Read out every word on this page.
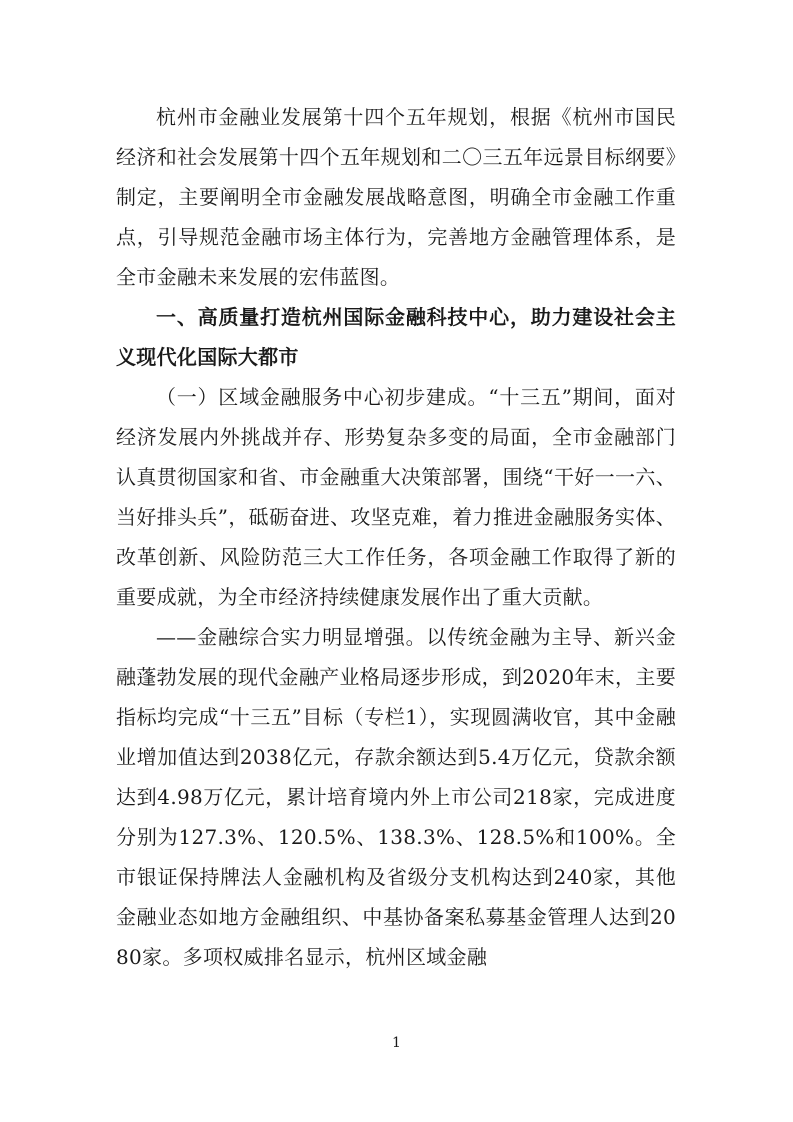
杭州市金融业发展第十四个五年规划，根据《杭州市国民经济和社会发展第十四个五年规划和二〇三五年远景目标纲要》制定，主要阐明全市金融发展战略意图，明确全市金融工作重点，引导规范金融市场主体行为，完善地方金融管理体系，是全市金融未来发展的宏伟蓝图。

一、高质量打造杭州国际金融科技中心，助力建设社会主义现代化国际大都市

（一）区域金融服务中心初步建成。“十三五”期间，面对经济发展内外挑战并存、形势复杂多变的局面，全市金融部门认真贯彻国家和省、市金融重大决策部署，围绕“干好一一六、当好排头兵”，砥砺奋进、攻坚克难，着力推进金融服务实体、改革创新、风险防范三大工作任务，各项金融工作取得了新的重要成就，为全市经济持续健康发展作出了重大贡献。

——金融综合实力明显增强。以传统金融为主导、新兴金融蓬勃发展的现代金融产业格局逐步形成，到2020年末，主要指标均完成“十三五”目标（专栏1），实现圆满收官，其中金融业增加值达到2038亿元，存款余额达到5.4万亿元，贷款余额达到4.98万亿元，累计培育境内外上市公司218家，完成进度分别为127.3%、120.5%、138.3%、128.5%和100%。全市银证保持牌法人金融机构及省级分支机构达到240家，其他金融业态如地方金融组织、中基协备案私募基金管理人达到2080家。多项权威排名显示，杭州区域金融

1
